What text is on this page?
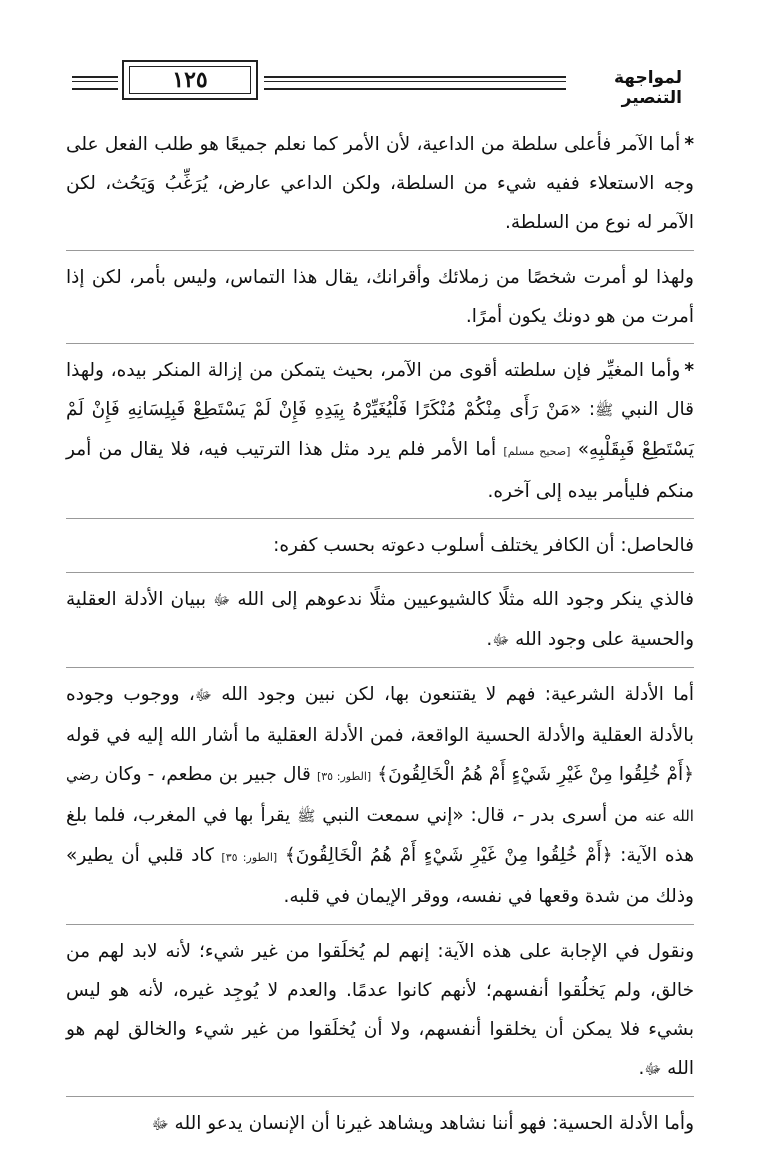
١٢٥	لمواجهة التنصير

*أما الآمر فأعلى سلطة من الداعية، لأن الأمر كما نعلم جميعًا هو طلب الفعل على وجه الاستعلاء ففيه شيء من السلطة، ولكن الداعي عارض، يُرَغِّبُ وَيَحُث، لكن الآمر له نوع من السلطة.

ولهذا لو أمرت شخصًا من زملائك وأقرانك، يقال هذا التماس، وليس بأمر، لكن إذا أمرت من هو دونك يكون أمرًا.

*وأما المغيِّر فإن سلطته أقوى من الآمر، بحيث يتمكن من إزالة المنكر بيده، ولهذا قال النبي ﷺ: «مَنْ رَأَى مِنْكُمْ مُنْكَرًا فَلْيُغَيِّرْهُ بِيَدِهِ فَإِنْ لَمْ يَسْتَطِعْ فَبِلِسَانِهِ فَإِنْ لَمْ يَسْتَطِعْ فَبِقَلْبِهِ» [صحيح مسلم] أما الأمر فلم يرد مثل هذا الترتيب فيه، فلا يقال من أمر منكم فليأمر بيده إلى آخره.

فالحاصل: أن الكافر يختلف أسلوب دعوته بحسب كفره:

فالذي ينكر وجود الله مثلًا كالشيوعيين مثلًا ندعوهم إلى الله ﷻ ببيان الأدلة العقلية والحسية على وجود الله ﷻ.

أما الأدلة الشرعية: فهم لا يقتنعون بها، لكن نبين وجود الله ﷻ، ووجوب وجوده بالأدلة العقلية والأدلة الحسية الواقعة، فمن الأدلة العقلية ما أشار الله إليه في قوله ﴿أَمْ خُلِقُوا مِنْ غَيْرِ شَيْءٍ أَمْ هُمُ الْخَالِقُونَ﴾ [الطور: ٣٥] قال جبير بن مطعم، - وكان رضي الله عنه من أسرى بدر -، قال: «إني سمعت النبي ﷺ يقرأ بها في المغرب، فلما بلغ هذه الآية: ﴿أَمْ خُلِقُوا مِنْ غَيْرِ شَيْءٍ أَمْ هُمُ الْخَالِقُونَ﴾ [الطور: ٣٥] كاد قلبي أن يطير» وذلك من شدة وقعها في نفسه، ووقر الإيمان في قلبه.

ونقول في الإجابة على هذه الآية: إنهم لم يُخلَقوا من غير شيء؛ لأنه لابد لهم من خالق، ولم يَخلُقوا أنفسهم؛ لأنهم كانوا عدمًا. والعدم لا يُوجِد غيره، لأنه هو ليس بشيء فلا يمكن أن يخلقوا أنفسهم، ولا أن يُخلَقوا من غير شيء والخالق لهم هو الله ﷻ.

وأما الأدلة الحسية: فهو أننا نشاهد ويشاهد غيرنا أن الإنسان يدعو الله ﷻ
